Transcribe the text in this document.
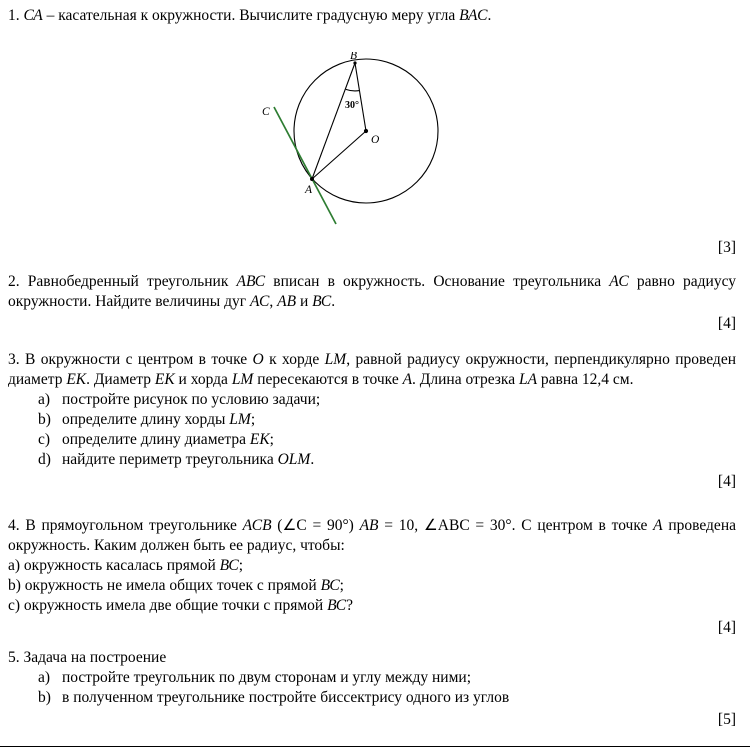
1. СА – касательная к окружности. Вычислите градусную меру угла ВАС.
В
С
О
А
30°
[3]
2. Равнобедренный треугольник АВС вписан в окружность. Основание треугольника АС равно радиусу окружности. Найдите величины дуг АС, АВ и ВС.
[4]
3. В окружности с центром в точке О к хорде LM, равной радиусу окружности, перпендикулярно проведен диаметр ЕК. Диаметр ЕК и хорда LM пересекаются в точке А. Длина отрезка LА равна 12,4 см.
а) постройте рисунок по условию задачи;
b) определите длину хорды LM;
c) определите длину диаметра ЕК;
d) найдите периметр треугольника ОLM.
[4]
4. В прямоугольном треугольнике АСВ (∠С = 90°) АВ = 10, ∠АВС = 30°. С центром в точке А проведена окружность. Каким должен быть ее радиус, чтобы:
а) окружность касалась прямой ВС;
b) окружность не имела общих точек с прямой ВС;
c) окружность имела две общие точки с прямой ВС?
[4]
5. Задача на построение
а) постройте треугольник по двум сторонам и углу между ними;
b) в полученном треугольнике постройте биссектрису одного из углов
[5]
